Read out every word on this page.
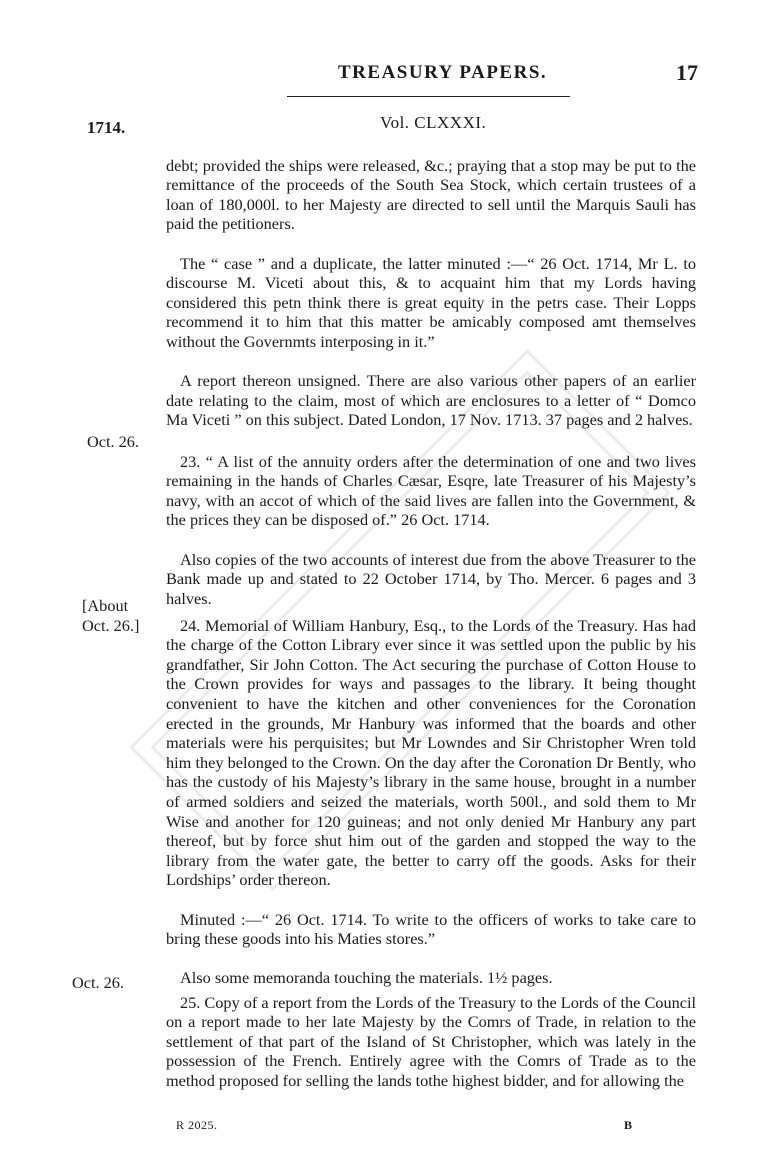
TREASURY PAPERS.	17
Vol. CLXXXI.
1714.

debt; provided the ships were released, &c.; praying that a stop may be put to the remittance of the proceeds of the South Sea Stock, which certain trustees of a loan of 180,000l. to her Majesty are directed to sell until the Marquis Sauli has paid the petitioners.

The “ case ” and a duplicate, the latter minuted :—“ 26 Oct. 1714, Mr L. to discourse M. Viceti about this, & to acquaint him that my Lords having considered this petn think there is great equity in the petrs case. Their Lopps recommend it to him that this matter be amicably composed amt themselves without the Governmts interposing in it.”

A report thereon unsigned. There are also various other papers of an earlier date relating to the claim, most of which are enclosures to a letter of “ Domco Ma Viceti ” on this subject. Dated London, 17 Nov. 1713. 37 pages and 2 halves.

Oct. 26.

23. “ A list of the annuity orders after the determination of one and two lives remaining in the hands of Charles Cæsar, Esqre, late Treasurer of his Majesty’s navy, with an accot of which of the said lives are fallen into the Government, & the prices they can be disposed of.” 26 Oct. 1714.

Also copies of the two accounts of interest due from the above Treasurer to the Bank made up and stated to 22 October 1714, by Tho. Mercer. 6 pages and 3 halves.

[About
Oct. 26.]	24. Memorial of William Hanbury, Esq., to the Lords of the Treasury. Has had the charge of the Cotton Library ever since it was settled upon the public by his grandfather, Sir John Cotton. The Act securing the purchase of Cotton House to the Crown provides for ways and passages to the library. It being thought convenient to have the kitchen and other conveniences for the Coronation erected in the grounds, Mr Hanbury was informed that the boards and other materials were his perquisites; but Mr Lowndes and Sir Christopher Wren told him they belonged to the Crown. On the day after the Coronation Dr Bently, who has the custody of his Majesty’s library in the same house, brought in a number of armed soldiers and seized the materials, worth 500l., and sold them to Mr Wise and another for 120 guineas; and not only denied Mr Hanbury any part thereof, but by force shut him out of the garden and stopped the way to the library from the water gate, the better to carry off the goods. Asks for their Lordships’ order thereon.

Minuted :—“ 26 Oct. 1714. To write to the officers of works to take care to bring these goods into his Maties stores.”

Also some memoranda touching the materials. 1½ pages.

Oct. 26.

25. Copy of a report from the Lords of the Treasury to the Lords of the Council on a report made to her late Majesty by the Comrs of Trade, in relation to the settlement of that part of the Island of St Christopher, which was lately in the possession of the French. Entirely agree with the Comrs of Trade as to the method proposed for selling the lands tothe highest bidder, and for allowing the

R 2025.	B
